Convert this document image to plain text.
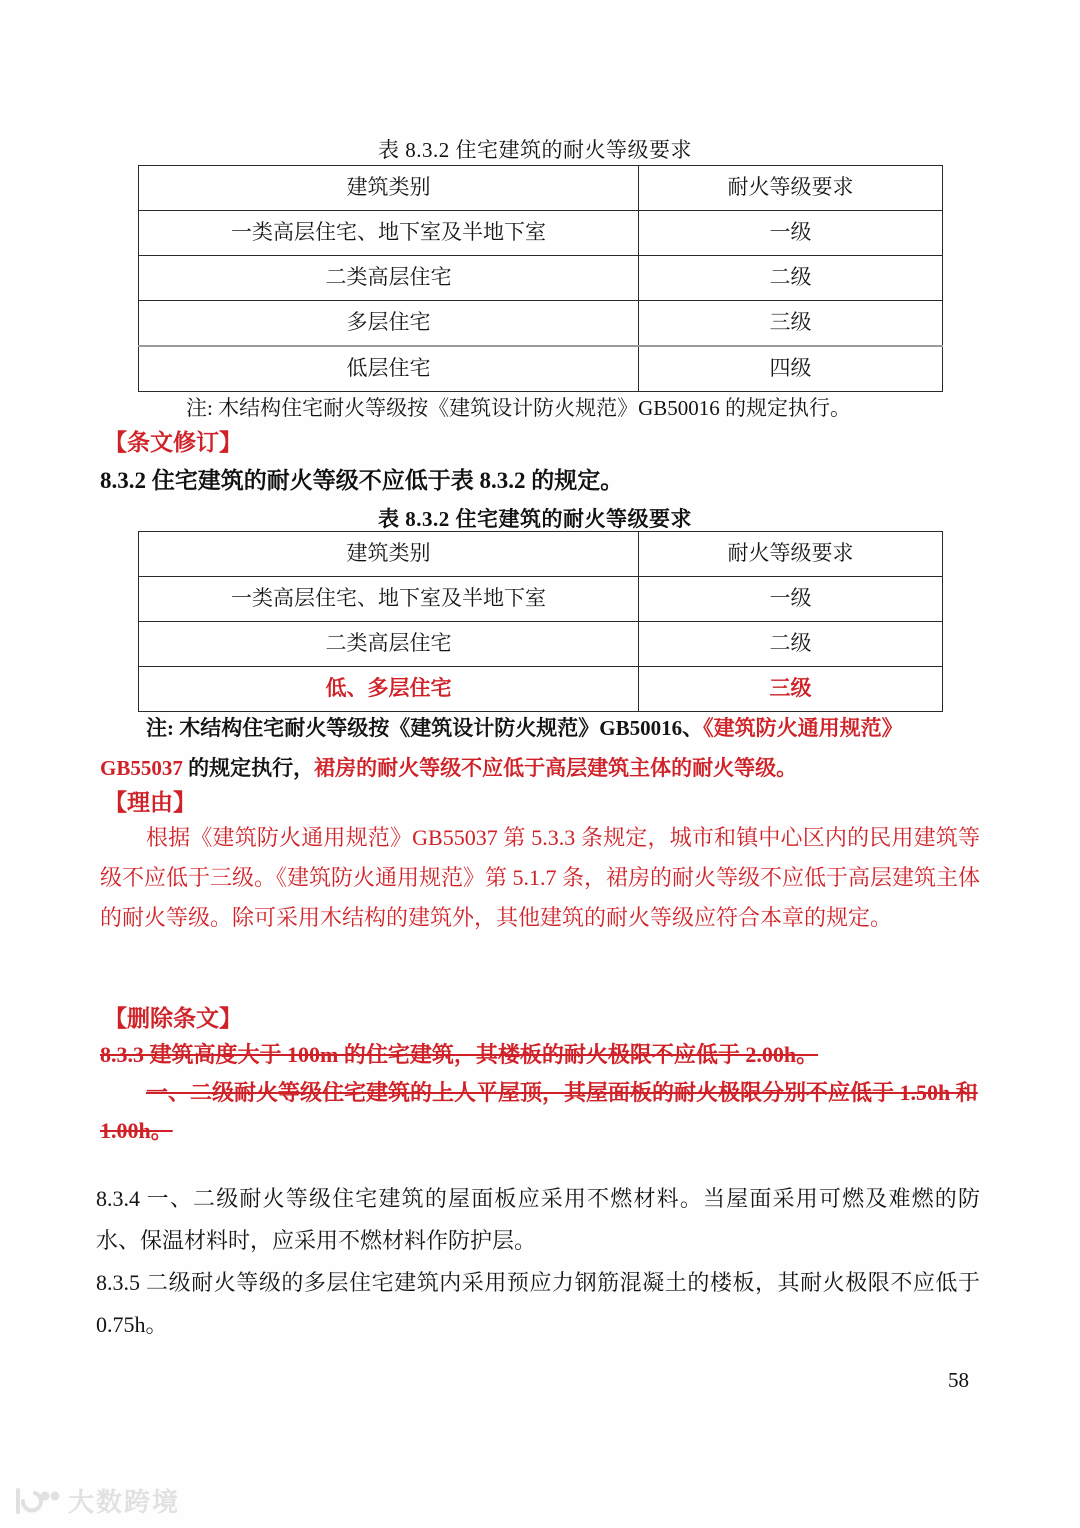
表 8.3.2 住宅建筑的耐火等级要求
建筑类别	耐火等级要求
一类高层住宅、地下室及半地下室	一级
二类高层住宅	二级
多层住宅	三级
低层住宅	四级
注: 木结构住宅耐火等级按《建筑设计防火规范》GB50016 的规定执行。
【条文修订】
8.3.2 住宅建筑的耐火等级不应低于表 8.3.2 的规定。
表 8.3.2 住宅建筑的耐火等级要求
建筑类别	耐火等级要求
一类高层住宅、地下室及半地下室	一级
二类高层住宅	二级
低、多层住宅	三级
注: 木结构住宅耐火等级按《建筑设计防火规范》GB50016、《建筑防火通用规范》GB55037 的规定执行，裙房的耐火等级不应低于高层建筑主体的耐火等级。
【理由】
根据《建筑防火通用规范》GB55037 第 5.3.3 条规定，城市和镇中心区内的民用建筑等级不应低于三级。《建筑防火通用规范》第 5.1.7 条，裙房的耐火等级不应低于高层建筑主体的耐火等级。除可采用木结构的建筑外，其他建筑的耐火等级应符合本章的规定。
【删除条文】
8.3.3 建筑高度大于 100m 的住宅建筑，其楼板的耐火极限不应低于 2.00h。
一、二级耐火等级住宅建筑的上人平屋顶，其屋面板的耐火极限分别不应低于 1.50h 和 1.00h。
8.3.4 一、二级耐火等级住宅建筑的屋面板应采用不燃材料。当屋面采用可燃及难燃的防水、保温材料时，应采用不燃材料作防护层。
8.3.5 二级耐火等级的多层住宅建筑内采用预应力钢筋混凝土的楼板，其耐火极限不应低于 0.75h。
58
大数跨境
